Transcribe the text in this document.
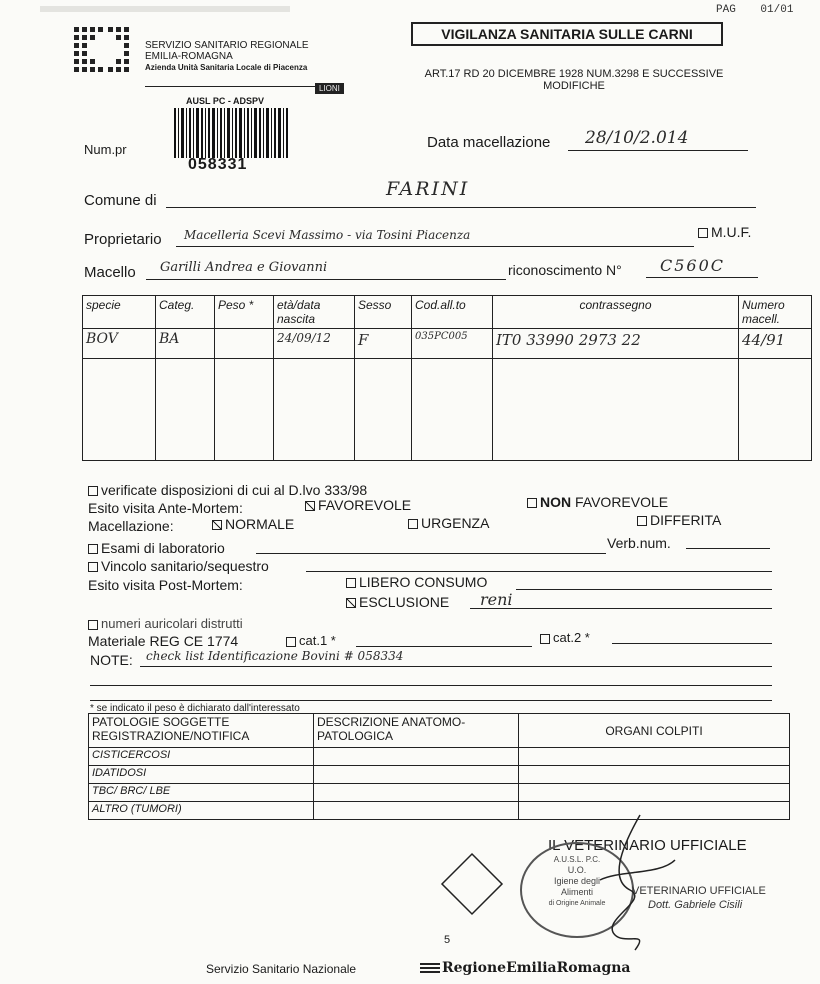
PAG 01/01
SERVIZIO SANITARIO REGIONALE
EMILIA-ROMAGNA
Azienda Unità Sanitaria Locale di Piacenza
LIONI
VIGILANZA SANITARIA SULLE CARNI
ART.17 RD 20 DICEMBRE 1928 NUM.3298 E SUCCESSIVE MODIFICHE
AUSL PC - ADSPV
Num.pr
058331
Data macellazione 28/10/2.014
Comune di
FARINI
Proprietario Macelleria Scevi Massimo - via Tosini Piacenza	M.U.F.
Macello Garilli Andrea e Giovanni	riconoscimento N° C560C
specie	Categ.	Peso *	età/data nascita	Sesso	Cod.all.to	contrassegno	Numero macell.
BOV	BA		24/09/12	F	035PC005	IT0 33990 2973 22	44/91

verificate disposizioni di cui al D.lvo 333/98
Esito visita Ante-Mortem:	FAVOREVOLE	NON FAVOREVOLE
Macellazione:	NORMALE	URGENZA	DIFFERITA
Esami di laboratorio	Verb.num.
Vincolo sanitario/sequestro
Esito visita Post-Mortem:	LIBERO CONSUMO
ESCLUSIONE reni
numeri auricolari distrutti
Materiale REG CE 1774	cat.1 *	cat.2 *
NOTE: check list Identificazione Bovini # 058334
* se indicato il peso è dichiarato dall'interessato
PATOLOGIE SOGGETTE REGISTRAZIONE/NOTIFICA	DESCRIZIONE ANATOMO-PATOLOGICA	ORGANI COLPITI
CISTICERCOSI		
IDATIDOSI		
TBC/ BRC/ LBE		
ALTRO (TUMORI)		
IL VETERINARIO UFFICIALE
A.U.S.L. P.C.
U.O.
Igiene degli
Alimenti
di Origine Animale
VETERINARIO UFFICIALE
Dott. Gabriele Cisili
5
Servizio Sanitario Nazionale	RegioneEmiliaRomagna
